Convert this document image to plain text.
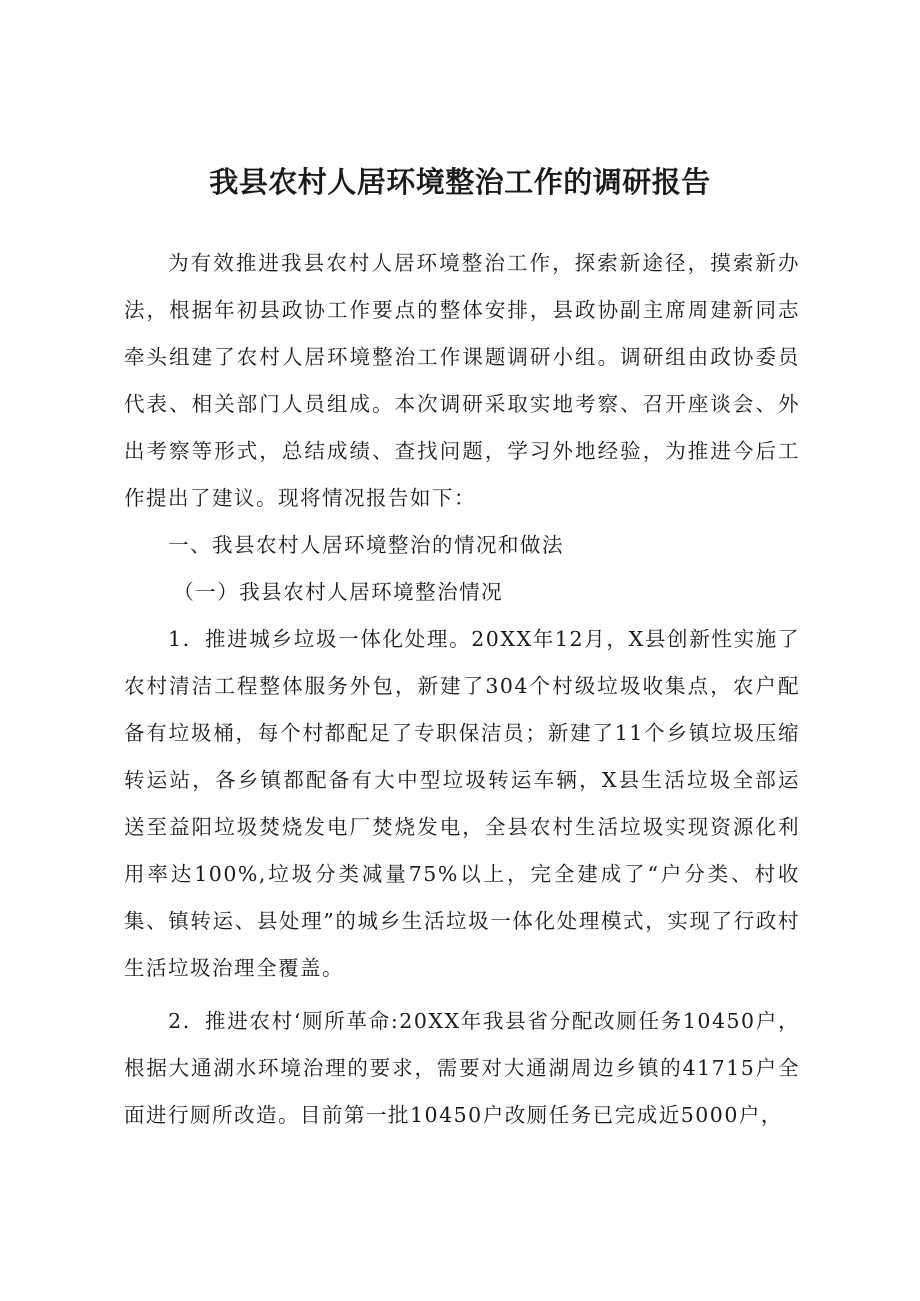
我县农村人居环境整治工作的调研报告

为有效推进我县农村人居环境整治工作，探索新途径，摸索新办法，根据年初县政协工作要点的整体安排，县政协副主席周建新同志牵头组建了农村人居环境整治工作课题调研小组。调研组由政协委员代表、相关部门人员组成。本次调研采取实地考察、召开座谈会、外出考察等形式，总结成绩、查找问题，学习外地经验，为推进今后工作提出了建议。现将情况报告如下：

一、我县农村人居环境整治的情况和做法

（一）我县农村人居环境整治情况

1．推进城乡垃圾一体化处理。20XX年12月，X县创新性实施了农村清洁工程整体服务外包，新建了304个村级垃圾收集点，农户配备有垃圾桶，每个村都配足了专职保洁员；新建了11个乡镇垃圾压缩转运站，各乡镇都配备有大中型垃圾转运车辆，X县生活垃圾全部运送至益阳垃圾焚烧发电厂焚烧发电，全县农村生活垃圾实现资源化利用率达100%,垃圾分类减量75%以上，完全建成了“户分类、村收集、镇转运、县处理”的城乡生活垃圾一体化处理模式，实现了行政村生活垃圾治理全覆盖。

2．推进农村‘厕所革命:20XX年我县省分配改厕任务10450户，根据大通湖水环境治理的要求，需要对大通湖周边乡镇的41715户全面进行厕所改造。目前第一批10450户改厕任务已完成近5000户，
